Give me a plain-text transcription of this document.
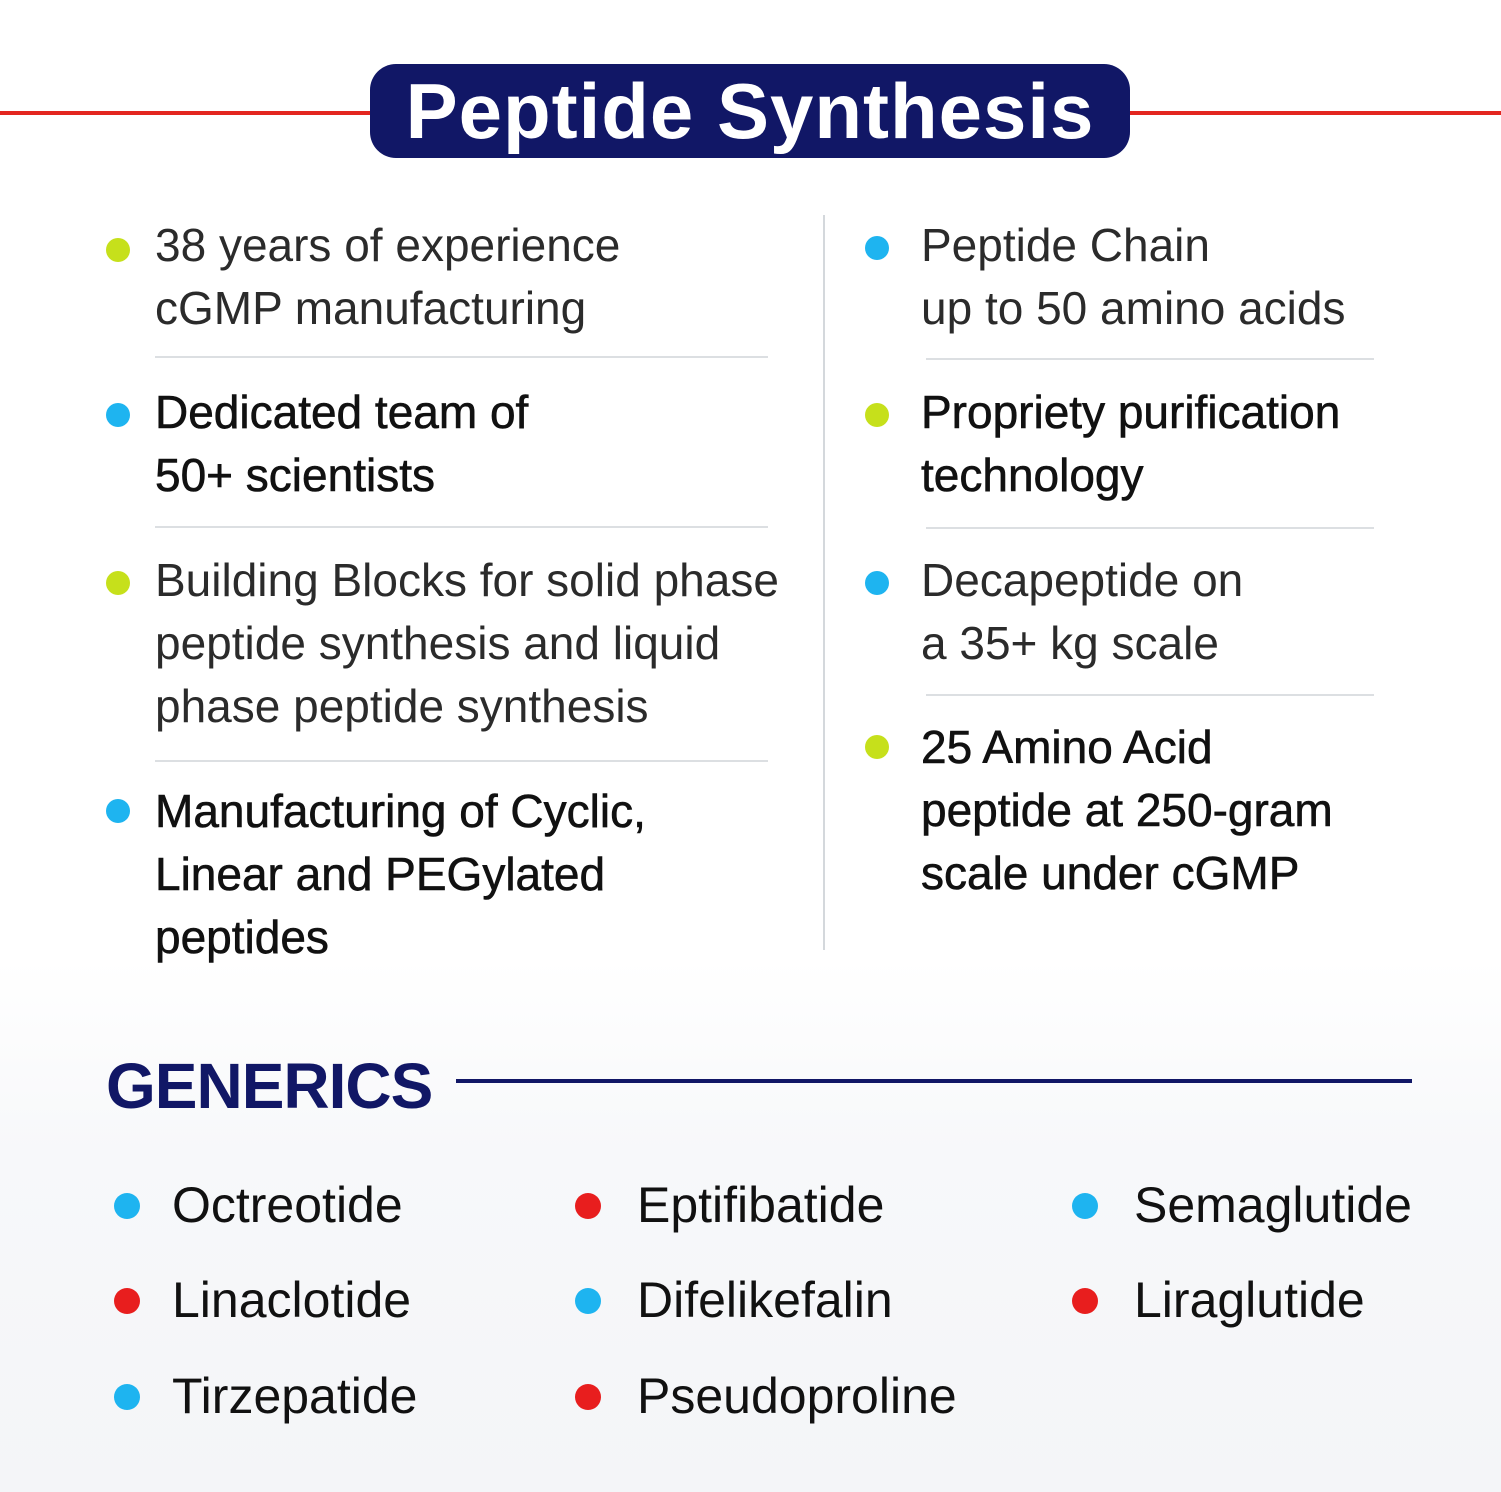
Peptide Synthesis
38 years of experience
cGMP manufacturing
Dedicated team of
50+ scientists
Building Blocks for solid phase
peptide synthesis and liquid
phase peptide synthesis
Manufacturing of Cyclic,
Linear and PEGylated
peptides
Peptide Chain
up to 50 amino acids
Propriety purification
technology
Decapeptide on
a 35+ kg scale
25 Amino Acid
peptide at 250-gram
scale under cGMP
GENERICS
Octreotide	Eptifibatide	Semaglutide
Linaclotide	Difelikefalin	Liraglutide
Tirzepatide	Pseudoproline
